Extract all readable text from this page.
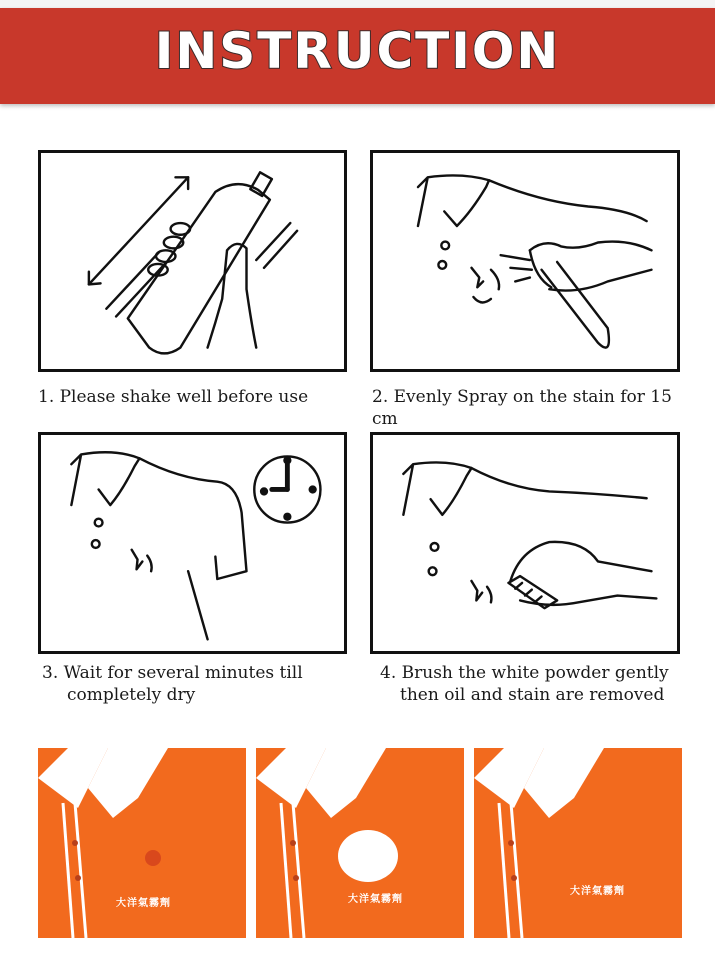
INSTRUCTION
1. Please shake well before use	2. Evenly Spray on the stain for 15 cm
3. Wait for several minutes till
completely dry
4. Brush the white powder gently
then oil and stain are removed
大洋氣霧劑	大洋氣霧劑
大洋氣霧劑
